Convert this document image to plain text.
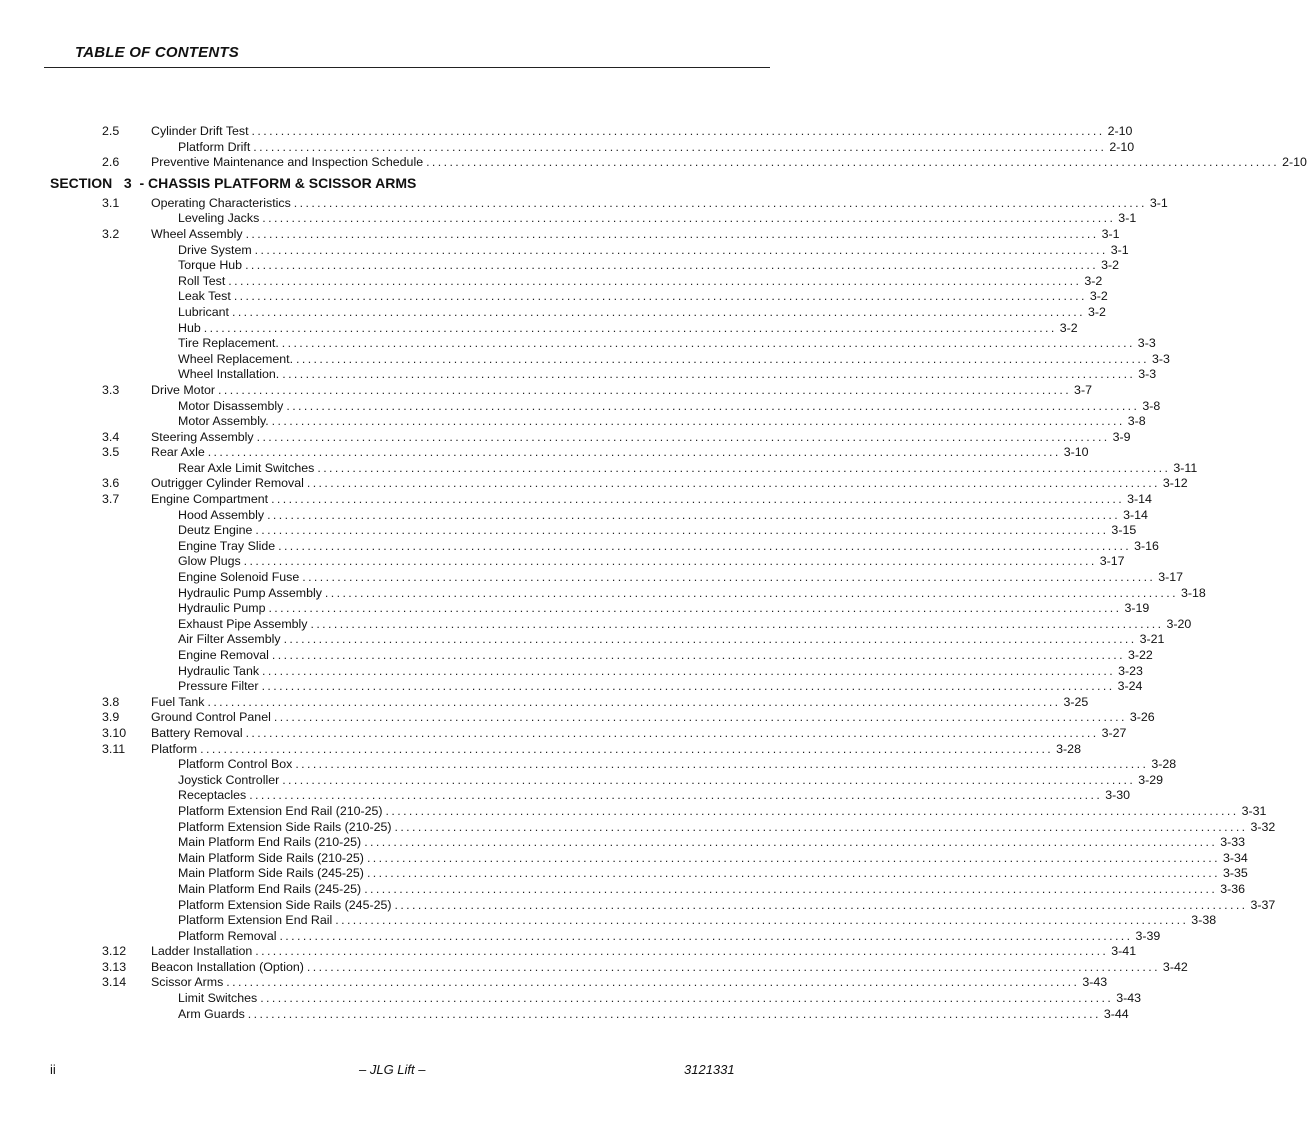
TABLE OF CONTENTS
2.5	Cylinder Drift Test .................................................................................................................................................. 2-10
Platform Drift .................................................................................................................................................. 2-10
2.6	Preventive Maintenance and Inspection Schedule .................................................................................................................................................. 2-10
SECTION   3  - CHASSIS PLATFORM & SCISSOR ARMS
3.1	Operating Characteristics .................................................................................................................................................. 3-1
Leveling Jacks .................................................................................................................................................. 3-1
3.2	Wheel Assembly .................................................................................................................................................. 3-1
Drive System .................................................................................................................................................. 3-1
Torque Hub .................................................................................................................................................. 3-2
Roll Test .................................................................................................................................................. 3-2
Leak Test .................................................................................................................................................. 3-2
Lubricant .................................................................................................................................................. 3-2
Hub .................................................................................................................................................. 3-2
Tire Replacement. .................................................................................................................................................. 3-3
Wheel Replacement. .................................................................................................................................................. 3-3
Wheel Installation. .................................................................................................................................................. 3-3
3.3	Drive Motor .................................................................................................................................................. 3-7
Motor Disassembly .................................................................................................................................................. 3-8
Motor Assembly. .................................................................................................................................................. 3-8
3.4	Steering Assembly .................................................................................................................................................. 3-9
3.5	Rear Axle .................................................................................................................................................. 3-10
Rear Axle Limit Switches .................................................................................................................................................. 3-11
3.6	Outrigger Cylinder Removal .................................................................................................................................................. 3-12
3.7	Engine Compartment .................................................................................................................................................. 3-14
Hood Assembly .................................................................................................................................................. 3-14
Deutz Engine .................................................................................................................................................. 3-15
Engine Tray Slide .................................................................................................................................................. 3-16
Glow Plugs .................................................................................................................................................. 3-17
Engine Solenoid Fuse .................................................................................................................................................. 3-17
Hydraulic Pump Assembly .................................................................................................................................................. 3-18
Hydraulic Pump .................................................................................................................................................. 3-19
Exhaust Pipe Assembly .................................................................................................................................................. 3-20
Air Filter Assembly .................................................................................................................................................. 3-21
Engine Removal .................................................................................................................................................. 3-22
Hydraulic Tank .................................................................................................................................................. 3-23
Pressure Filter .................................................................................................................................................. 3-24
3.8	Fuel Tank .................................................................................................................................................. 3-25
3.9	Ground Control Panel .................................................................................................................................................. 3-26
3.10 Battery Removal .................................................................................................................................................. 3-27
3.11 Platform .................................................................................................................................................. 3-28
Platform Control Box .................................................................................................................................................. 3-28
Joystick Controller .................................................................................................................................................. 3-29
Receptacles .................................................................................................................................................. 3-30
Platform Extension End Rail (210-25) .................................................................................................................................................. 3-31
Platform Extension Side Rails (210-25) .................................................................................................................................................. 3-32
Main Platform End Rails (210-25) .................................................................................................................................................. 3-33
Main Platform Side Rails (210-25) .................................................................................................................................................. 3-34
Main Platform Side Rails (245-25) .................................................................................................................................................. 3-35
Main Platform End Rails (245-25) .................................................................................................................................................. 3-36
Platform Extension Side Rails (245-25) .................................................................................................................................................. 3-37
Platform Extension End Rail .................................................................................................................................................. 3-38
Platform Removal .................................................................................................................................................. 3-39
3.12 Ladder Installation .................................................................................................................................................. 3-41
3.13 Beacon Installation (Option) .................................................................................................................................................. 3-42
3.14 Scissor Arms .................................................................................................................................................. 3-43
Limit Switches .................................................................................................................................................. 3-43
Arm Guards .................................................................................................................................................. 3-44
ii	– JLG Lift –	3121331
